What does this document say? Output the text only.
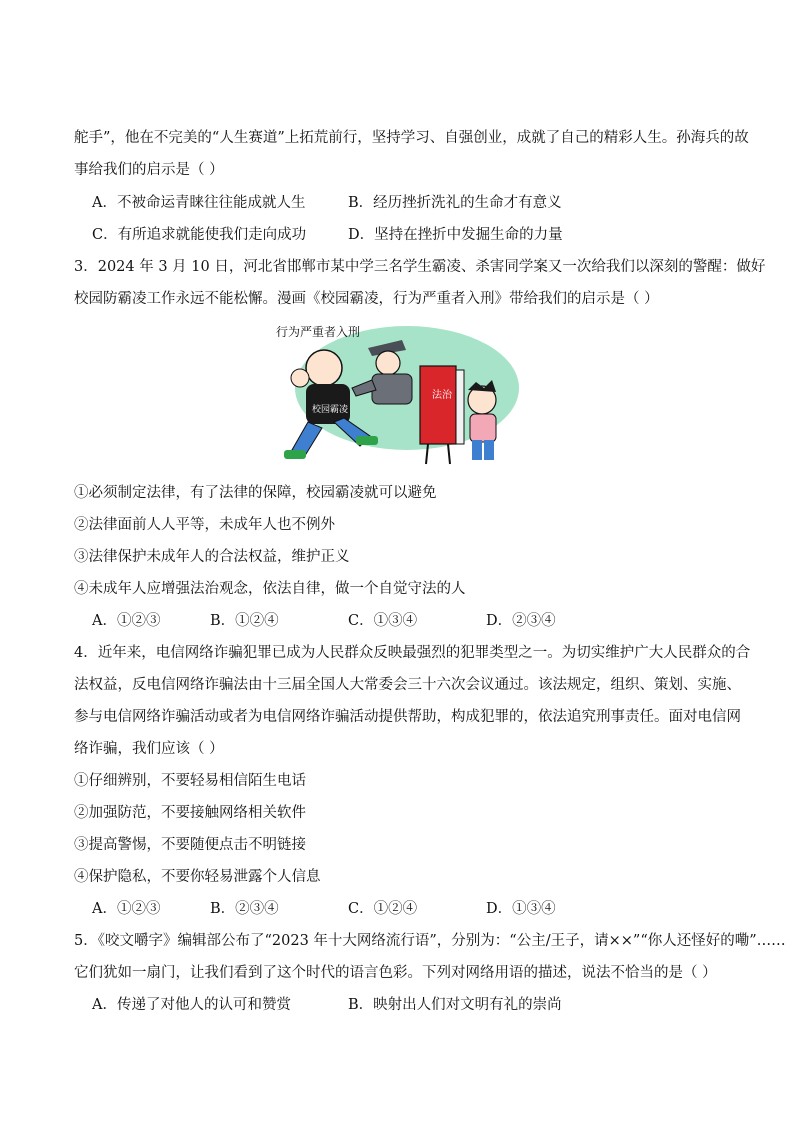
舵手”，他在不完美的“人生赛道”上拓荒前行，坚持学习、自强创业，成就了自己的精彩人生。孙海兵的故
事给我们的启示是（ ）
A．不被命运青睐往往能成就人生	B．经历挫折洗礼的生命才有意义
C．有所追求就能使我们走向成功	D．坚持在挫折中发掘生命的力量
3．2024 年 3 月 10 日，河北省邯郸市某中学三名学生霸凌、杀害同学案又一次给我们以深刻的警醒：做好
校园防霸凌工作永远不能松懈。漫画《校园霸凌，行为严重者入刑》带给我们的启示是（ ）
行为严重者入刑
校园霸凌
法治
①必须制定法律，有了法律的保障，校园霸凌就可以避免
②法律面前人人平等，未成年人也不例外
③法律保护未成年人的合法权益，维护正义
④未成年人应增强法治观念，依法自律，做一个自觉守法的人
A．①②③	B．①②④	C．①③④	D．②③④
4．近年来，电信网络诈骗犯罪已成为人民群众反映最强烈的犯罪类型之一。为切实维护广大人民群众的合
法权益，反电信网络诈骗法由十三届全国人大常委会三十六次会议通过。该法规定，组织、策划、实施、
参与电信网络诈骗活动或者为电信网络诈骗活动提供帮助，构成犯罪的，依法追究刑事责任。面对电信网
络诈骗，我们应该（ ）
①仔细辨别，不要轻易相信陌生电话
②加强防范，不要接触网络相关软件
③提高警惕，不要随便点击不明链接
④保护隐私，不要你轻易泄露个人信息
A．①②③	B．②③④	C．①②④	D．①③④
5．《咬文嚼字》编辑部公布了“2023 年十大网络流行语”，分别为：“公主/王子，请××”“你人还怪好的嘞”……
它们犹如一扇门，让我们看到了这个时代的语言色彩。下列对网络用语的描述，说法不恰当的是（ ）
A．传递了对他人的认可和赞赏	B．映射出人们对文明有礼的崇尚
